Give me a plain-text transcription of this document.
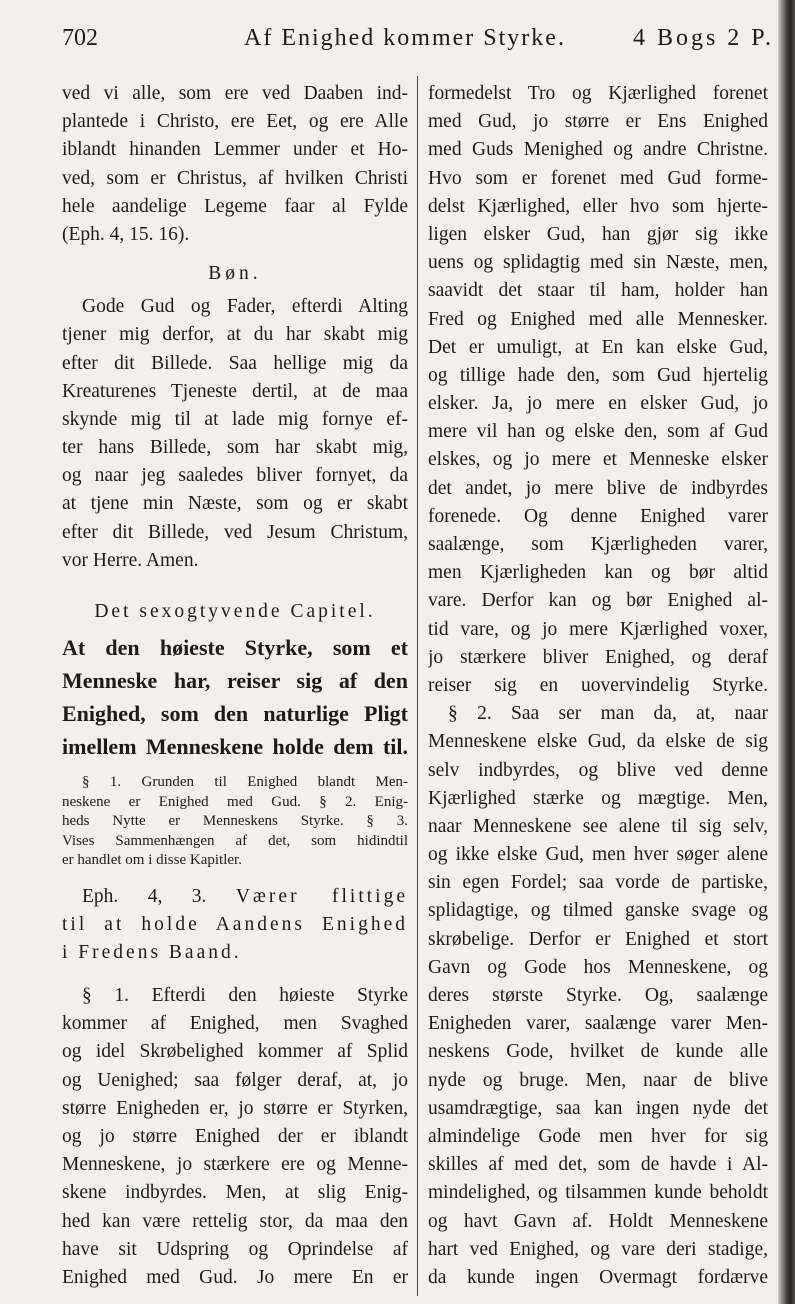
702	Af Enighed kommer Styrke.	4 Bogs 2 P.
ved vi alle, som ere ved Daaben ind-
plantede i Christo, ere Eet, og ere Alle
iblandt hinanden Lemmer under et Ho-
ved, som er Christus, af hvilken Christi
hele aandelige Legeme faar al Fylde
(Eph. 4, 15. 16).
Bøn.
Gode Gud og Fader, efterdi Alting
tjener mig derfor, at du har skabt mig
efter dit Billede. Saa hellige mig da
Kreaturenes Tjeneste dertil, at de maa
skynde mig til at lade mig fornye ef-
ter hans Billede, som har skabt mig,
og naar jeg saaledes bliver fornyet, da
at tjene min Næste, som og er skabt
efter dit Billede, ved Jesum Christum,
vor Herre. Amen.
Det sexogtyvende Capitel.
At den høieste Styrke, som et
Menneske har, reiser sig af den
Enighed, som den naturlige Pligt
imellem Menneskene holde dem til.
§ 1. Grunden til Enighed blandt Men-
neskene er Enighed med Gud. § 2. Enig-
heds Nytte er Menneskens Styrke. § 3.
Vises Sammenhængen af det, som hidindtil
er handlet om i disse Kapitler.
Eph. 4, 3. Værer flittige
til at holde Aandens Enighed
i Fredens Baand.
§ 1. Efterdi den høieste Styrke
kommer af Enighed, men Svaghed
og idel Skrøbelighed kommer af Splid
og Uenighed; saa følger deraf, at, jo
større Enigheden er, jo større er Styrken,
og jo større Enighed der er iblandt
Menneskene, jo stærkere ere og Menne-
skene indbyrdes. Men, at slig Enig-
hed kan være rettelig stor, da maa den
have sit Udspring og Oprindelse af
Enighed med Gud. Jo mere En er
formedelst Tro og Kjærlighed forenet
med Gud, jo større er Ens Enighed
med Guds Menighed og andre Christne.
Hvo som er forenet med Gud forme-
delst Kjærlighed, eller hvo som hjerte-
ligen elsker Gud, han gjør sig ikke
uens og splidagtig med sin Næste, men,
saavidt det staar til ham, holder han
Fred og Enighed med alle Mennesker.
Det er umuligt, at En kan elske Gud,
og tillige hade den, som Gud hjertelig
elsker. Ja, jo mere en elsker Gud, jo
mere vil han og elske den, som af Gud
elskes, og jo mere et Menneske elsker
det andet, jo mere blive de indbyrdes
forenede. Og denne Enighed varer
saalænge, som Kjærligheden varer,
men Kjærligheden kan og bør altid
vare. Derfor kan og bør Enighed al-
tid vare, og jo mere Kjærlighed voxer,
jo stærkere bliver Enighed, og deraf
reiser sig en uovervindelig Styrke.
§ 2. Saa ser man da, at, naar
Menneskene elske Gud, da elske de sig
selv indbyrdes, og blive ved denne
Kjærlighed stærke og mægtige. Men,
naar Menneskene see alene til sig selv,
og ikke elske Gud, men hver søger alene
sin egen Fordel; saa vorde de partiske,
splidagtige, og tilmed ganske svage og
skrøbelige. Derfor er Enighed et stort
Gavn og Gode hos Menneskene, og
deres største Styrke. Og, saalænge
Enigheden varer, saalænge varer Men-
neskens Gode, hvilket de kunde alle
nyde og bruge. Men, naar de blive
usamdrægtige, saa kan ingen nyde det
almindelige Gode men hver for sig
skilles af med det, som de havde i Al-
mindelighed, og tilsammen kunde beholdt
og havt Gavn af. Holdt Menneskene
hart ved Enighed, og vare deri stadige,
da kunde ingen Overmagt fordærve
